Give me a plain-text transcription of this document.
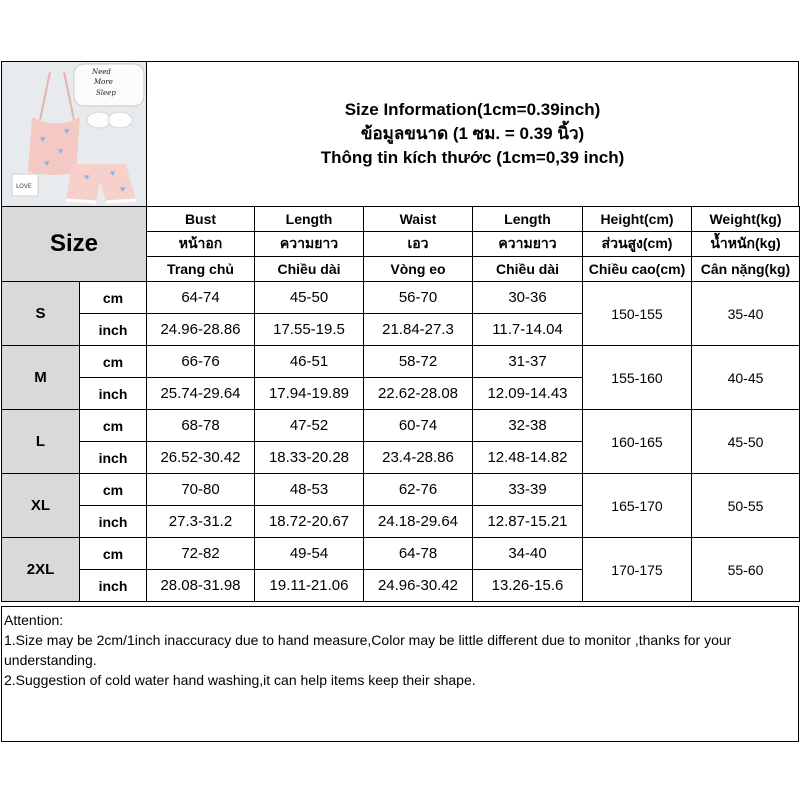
Need
More
Sleep
♥
♥
♥
♥
♥ ♥
♥
LOVE
Size Information(1cm=0.39inch)
ข้อมูลขนาด (1 ซม. = 0.39 นิ้ว)
Thông tin kích thước (1cm=0,39 inch)
Size		Bust	Length	Waist	Length	Height(cm)	Weight(kg)
		หน้าอก	ความยาว	เอว	ความยาว	ส่วนสูง(cm)	น้ำหนัก(kg)
		Trang chủ	Chiều dài	Vòng eo	Chiều dài	Chiều cao(cm)	Cân nặng(kg)
S	cm	64-74	45-50	56-70	30-36	150-155	35-40
	inch	24.96-28.86	17.55-19.5	21.84-27.3	11.7-14.04		
M	cm	66-76	46-51	58-72	31-37	155-160	40-45
	inch	25.74-29.64	17.94-19.89	22.62-28.08	12.09-14.43		
L	cm	68-78	47-52	60-74	32-38	160-165	45-50
	inch	26.52-30.42	18.33-20.28	23.4-28.86	12.48-14.82		
XL	cm	70-80	48-53	62-76	33-39	165-170	50-55
	inch	27.3-31.2	18.72-20.67	24.18-29.64	12.87-15.21		
2XL	cm	72-82	49-54	64-78	34-40	170-175	55-60
	inch	28.08-31.98	19.11-21.06	24.96-30.42	13.26-15.6		

Attention:

1.Size may be 2cm/1inch inaccuracy due to hand measure,Color may be little different due to monitor ,thanks for your understanding.

2.Suggestion of cold water hand washing,it can help items keep their shape.
